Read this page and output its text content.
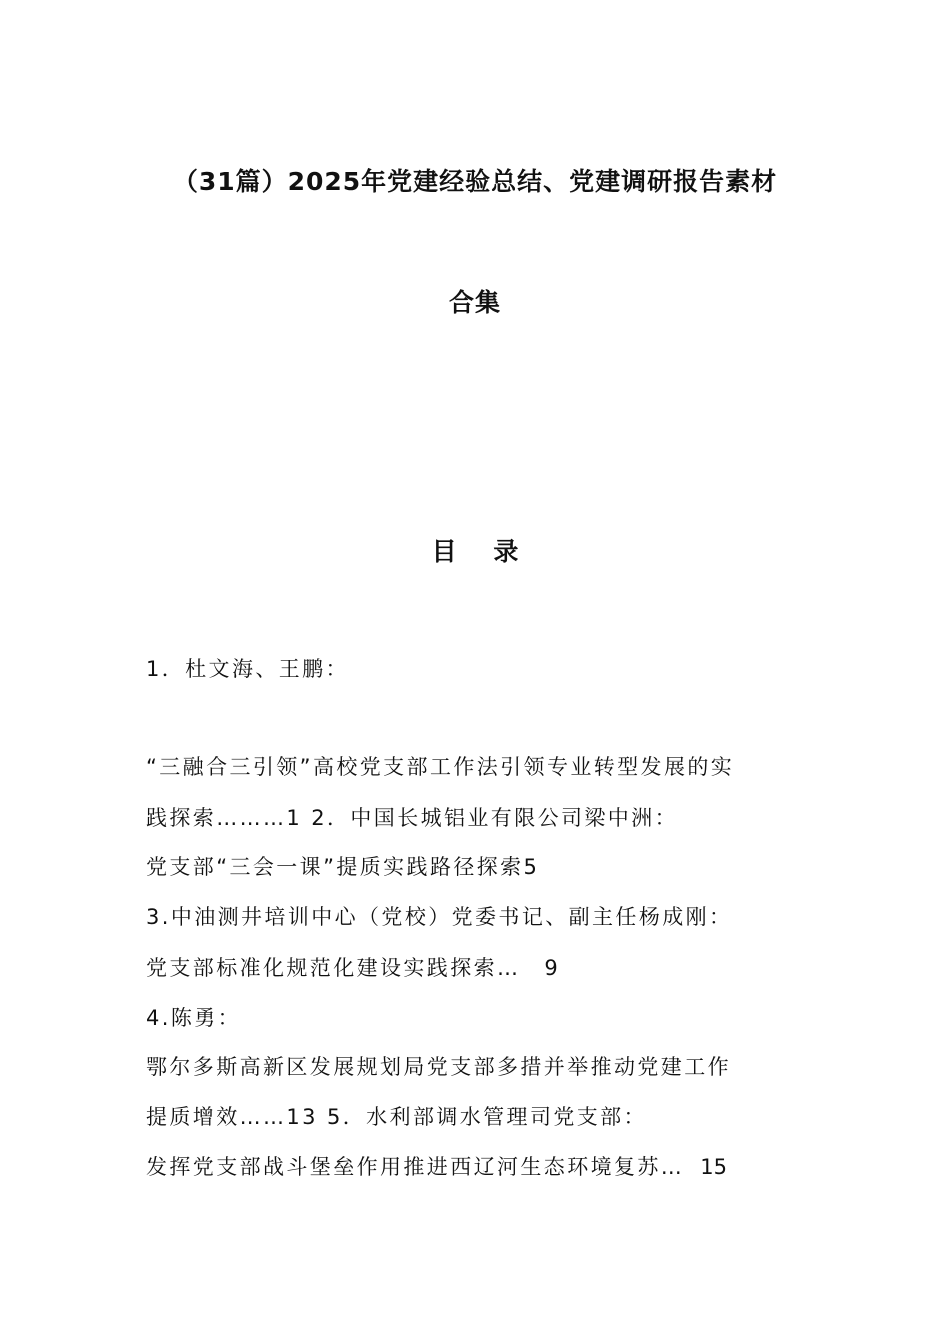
（31篇）2025年党建经验总结、党建调研报告素材
合集
目 录
1．杜文海、王鹏：
“三融合三引领”高校党支部工作法引领专业转型发展的实
践探索………1 2．中国长城铝业有限公司梁中洲：
党支部“三会一课”提质实践路径探索5
3.中油测井培训中心（党校）党委书记、副主任杨成刚：
党支部标准化规范化建设实践探索… 9
4.陈勇：
鄂尔多斯高新区发展规划局党支部多措并举推动党建工作
提质增效……13 5．水利部调水管理司党支部：
发挥党支部战斗堡垒作用推进西辽河生态环境复苏… 15
